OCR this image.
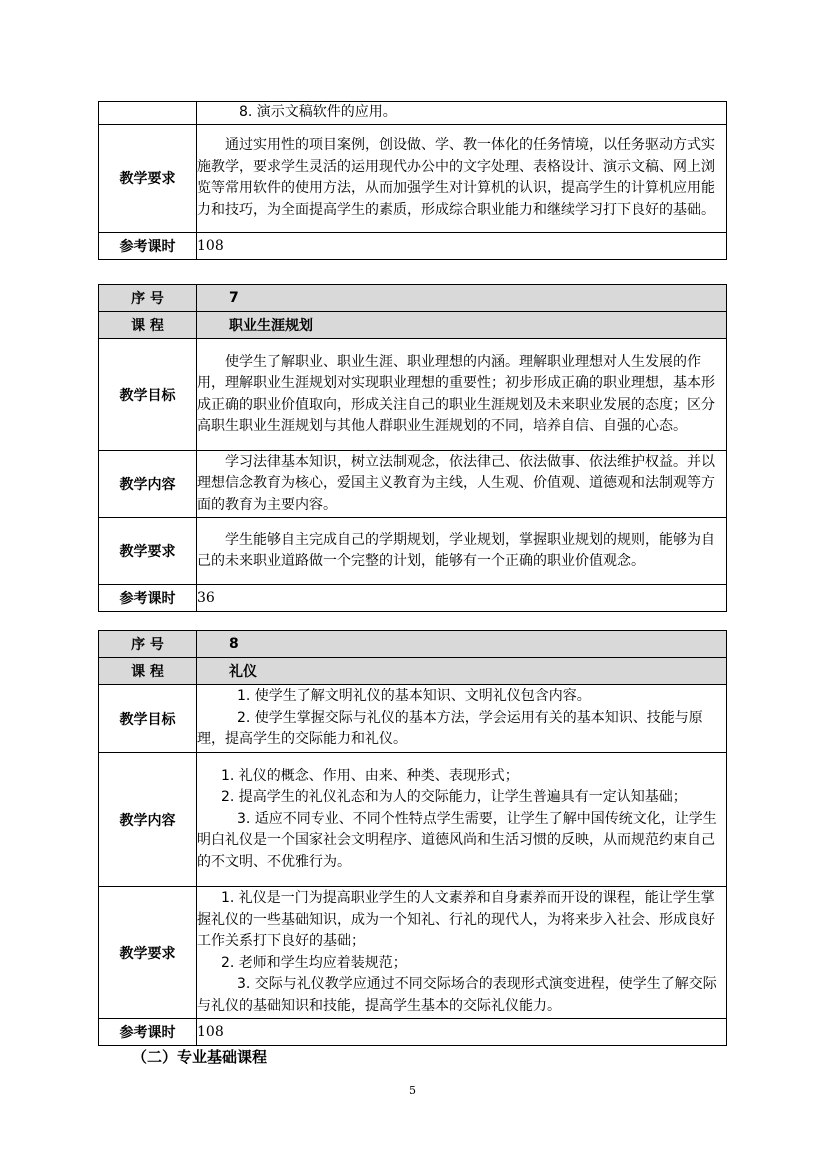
	8. 演示文稿软件的应用。
教学要求	通过实用性的项目案例，创设做、学、教一体化的任务情境，以任务驱动方式实施教学，要求学生灵活的运用现代办公中的文字处理、表格设计、演示文稿、网上浏览等常用软件的使用方法，从而加强学生对计算机的认识，提高学生的计算机应用能力和技巧，为全面提高学生的素质，形成综合职业能力和继续学习打下良好的基础。

参考课时	108
序 号	7
课 程	职业生涯规划
教学目标	使学生了解职业、职业生涯、职业理想的内涵。理解职业理想对人生发展的作用，理解职业生涯规划对实现职业理想的重要性；初步形成正确的职业理想，基本形成正确的职业价值取向，形成关注自己的职业生涯规划及未来职业发展的态度；区分高职生职业生涯规划与其他人群职业生涯规划的不同，培养自信、自强的心态。

教学内容	学习法律基本知识，树立法制观念，依法律己、依法做事、依法维护权益。并以理想信念教育为核心，爱国主义教育为主线，人生观、价值观、道德观和法制观等方面的教育为主要内容。

教学要求	学生能够自主完成自己的学期规划，学业规划，掌握职业规划的规则，能够为自己的未来职业道路做一个完整的计划，能够有一个正确的职业价值观念。

参考课时	36
序 号	8
课 程	礼仪
教学目标	1. 使学生了解文明礼仪的基本知识、文明礼仪包含内容。

2. 使学生掌握交际与礼仪的基本方法，学会运用有关的基本知识、技能与原理，提高学生的交际能力和礼仪。

教学内容	1. 礼仪的概念、作用、由来、种类、表现形式；

2. 提高学生的礼仪礼态和为人的交际能力，让学生普遍具有一定认知基础；

3. 适应不同专业、不同个性特点学生需要，让学生了解中国传统文化，让学生明白礼仪是一个国家社会文明程序、道德风尚和生活习惯的反映，从而规范约束自己的不文明、不优雅行为。

教学要求	1. 礼仪是一门为提高职业学生的人文素养和自身素养而开设的课程，能让学生掌握礼仪的一些基础知识，成为一个知礼、行礼的现代人，为将来步入社会、形成良好工作关系打下良好的基础；

2. 老师和学生均应着装规范；

3. 交际与礼仪教学应通过不同交际场合的表现形式演变进程，使学生了解交际与礼仪的基础知识和技能，提高学生基本的交际礼仪能力。

参考课时	108
（二）专业基础课程
5
